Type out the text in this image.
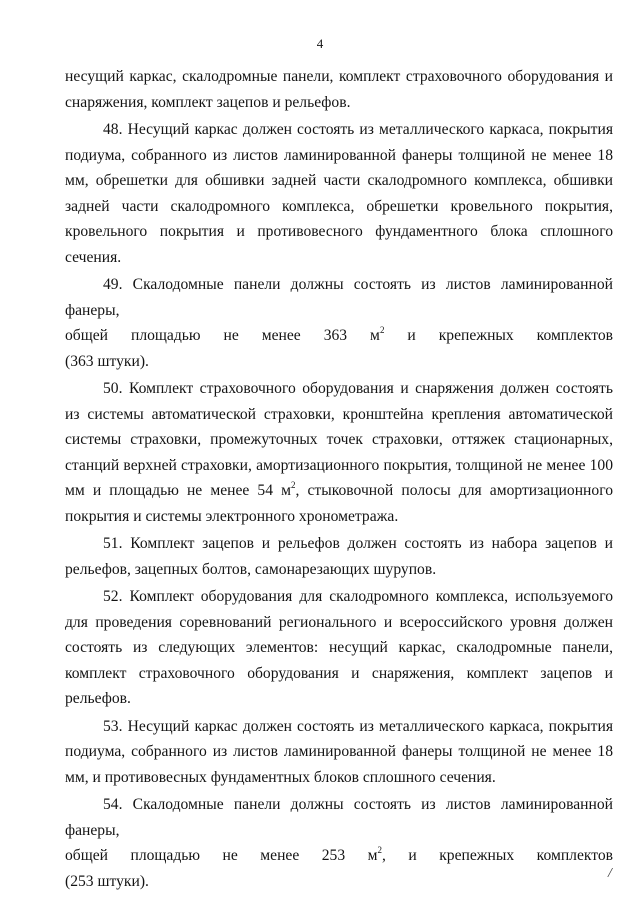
4

несущий каркас, скалодромные панели, комплект страховочного оборудования и снаряжения, комплект зацепов и рельефов.

48. Несущий каркас должен состоять из металлического каркаса, покрытия подиума, собранного из листов ламинированной фанеры толщиной не менее 18 мм, обрешетки для обшивки задней части скалодромного комплекса, обшивки задней части скалодромного комплекса, обрешетки кровельного покрытия, кровельного покрытия и противовесного фундаментного блока сплошного сечения.

49. Скалодомные панели должны состоять из листов ламинированной фанеры,
общей площадью не менее 363 $м^2$ и крепежных комплектов
(363 штуки).

50. Комплект страховочного оборудования и снаряжения должен состоять из системы автоматической страховки, кронштейна крепления автоматической системы страховки, промежуточных точек страховки, оттяжек стационарных, станций верхней страховки, амортизационного покрытия, толщиной не менее 100 мм и площадью не менее 54 $м^2$, стыковочной полосы для амортизационного покрытия и системы электронного хронометража.

51. Комплект зацепов и рельефов должен состоять из набора зацепов и рельефов, зацепных болтов, самонарезающих шурупов.

52. Комплект оборудования для скалодромного комплекса, используемого для проведения соревнований регионального и всероссийского уровня должен состоять из следующих элементов: несущий каркас, скалодромные панели, комплект страховочного оборудования и снаряжения, комплект зацепов и рельефов.

53. Несущий каркас должен состоять из металлического каркаса, покрытия подиума, собранного из листов ламинированной фанеры толщиной не менее 18 мм, и противовесных фундаментных блоков сплошного сечения.

54. Скалодомные панели должны состоять из листов ламинированной фанеры,
общей площадью не менее 253 $м^2$, и крепежных комплектов
(253 штуки).	/
